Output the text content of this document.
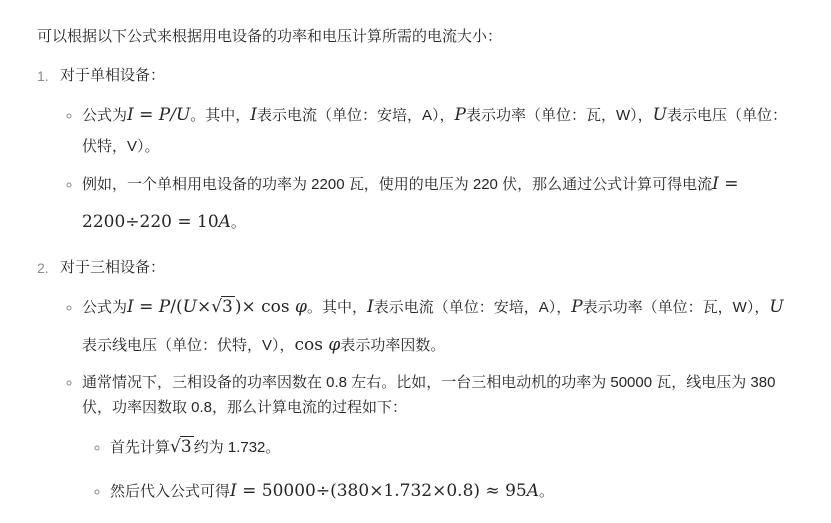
可以根据以下公式来根据用电设备的功率和电压计算所需的电流大小：

1. 对于单相设备：
◦ 公式为I = P/U。其中，I表示电流（单位：安培，A），P表示功率（单位：瓦，W），U表示电压（单位：伏特，V）。
◦ 例如，一个单相用电设备的功率为 2200 瓦，使用的电压为 220 伏，那么通过公式计算可得电流I = 2200÷220 = 10A。
2. 对于三相设备：
◦ 公式为I = P/(U×√3 )× cos φ。其中，I表示电流（单位：安培，A），P表示功率（单位：瓦，W），U表示线电压（单位：伏特，V），cos φ表示功率因数。
◦ 通常情况下，三相设备的功率因数在 0.8 左右。比如，一台三相电动机的功率为 50000 瓦，线电压为 380 伏，功率因数取 0.8，那么计算电流的过程如下：
◦ 首先计算√3 约为 1.732。
◦ 然后代入公式可得I = 50000÷(380×1.732×0.8) ≈ 95A。
